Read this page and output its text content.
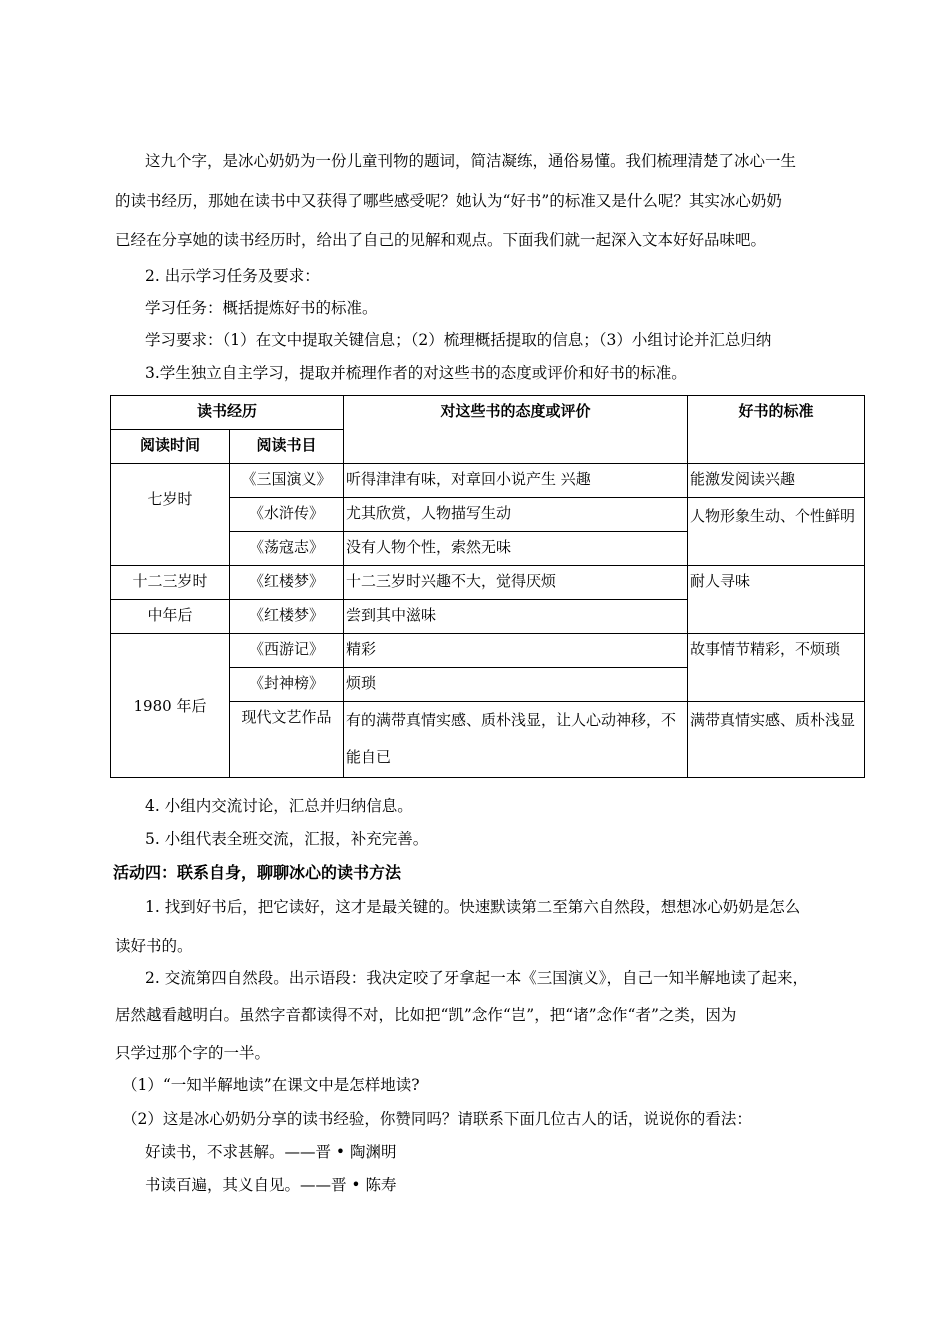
这九个字，是冰心奶奶为一份儿童刊物的题词，简洁凝练，通俗易懂。我们梳理清楚了冰心一生
的读书经历，那她在读书中又获得了哪些感受呢？她认为“好书”的标准又是什么呢？其实冰心奶奶
已经在分享她的读书经历时，给出了自己的见解和观点。下面我们就一起深入文本好好品味吧。
2. 出示学习任务及要求：
学习任务：概括提炼好书的标准。
学习要求：（1）在文中提取关键信息；（2）梳理概括提取的信息；（3）小组讨论并汇总归纳
3.学生独立自主学习，提取并梳理作者的对这些书的态度或评价和好书的标准。
读书经历		对这些书的态度或评价	好书的标准
阅读时间	阅读书目		
七岁时	《三国演义》	听得津津有味，对章回小说产生 兴趣	能激发阅读兴趣
	《水浒传》	尤其欣赏，人物描写生动	人物形象生动、个性鲜明
	《荡寇志》	没有人物个性，索然无味	
十二三岁时	《红楼梦》	十二三岁时兴趣不大，觉得厌烦	耐人寻味
中年后	《红楼梦》	尝到其中滋味	
1980 年后	《西游记》	精彩	故事情节精彩，不烦琐
	《封神榜》	烦琐	
	现代文艺作品	有的满带真情实感、质朴浅显，让人心动神移，不能自已	满带真情实感、质朴浅显
4. 小组内交流讨论，汇总并归纳信息。
5. 小组代表全班交流，汇报，补充完善。
活动四：联系自身，聊聊冰心的读书方法
1. 找到好书后，把它读好，这才是最关键的。快速默读第二至第六自然段，想想冰心奶奶是怎么
读好书的。
2. 交流第四自然段。出示语段：我决定咬了牙拿起一本《三国演义》，自己一知半解地读了起来，
居然越看越明白。虽然字音都读得不对，比如把“凯”念作“岂”，把“诸”念作“者”之类，因为
只学过那个字的一半。
（1）“一知半解地读”在课文中是怎样地读?
（2）这是冰心奶奶分享的读书经验，你赞同吗？请联系下面几位古人的话，说说你的看法：
好读书，不求甚解。——晋 • 陶渊明
书读百遍，其义自见。——晋 • 陈寿
